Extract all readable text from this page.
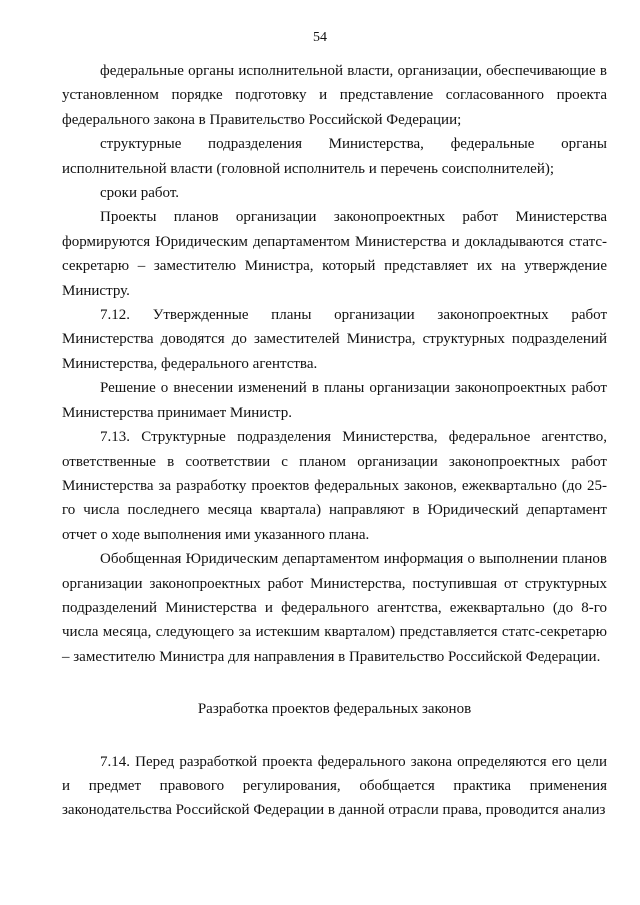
54

федеральные органы исполнительной власти, организации, обеспечивающие в установленном порядке подготовку и представление согласованного проекта федерального закона в Правительство Российской Федерации;

структурные подразделения Министерства, федеральные органы исполнительной власти (головной исполнитель и перечень соисполнителей);

сроки работ.

Проекты планов организации законопроектных работ Министерства формируются Юридическим департаментом Министерства и докладываются статс-секретарю – заместителю Министра, который представляет их на утверждение Министру.

7.12. Утвержденные планы организации законопроектных работ Министерства доводятся до заместителей Министра, структурных подразделений Министерства, федерального агентства.

Решение о внесении изменений в планы организации законопроектных работ Министерства принимает Министр.

7.13. Структурные подразделения Министерства, федеральное агентство, ответственные в соответствии с планом организации законопроектных работ Министерства за разработку проектов федеральных законов, ежеквартально (до 25-го числа последнего месяца квартала) направляют в Юридический департамент отчет о ходе выполнения ими указанного плана.

Обобщенная Юридическим департаментом информация о выполнении планов организации законопроектных работ Министерства, поступившая от структурных подразделений Министерства и федерального агентства, ежеквартально (до 8-го числа месяца, следующего за истекшим кварталом) представляется статс-секретарю – заместителю Министра для направления в Правительство Российской Федерации.

Разработка проектов федеральных законов

7.14. Перед разработкой проекта федерального закона определяются его цели и предмет правового регулирования, обобщается практика применения законодательства Российской Федерации в данной отрасли права, проводится анализ
